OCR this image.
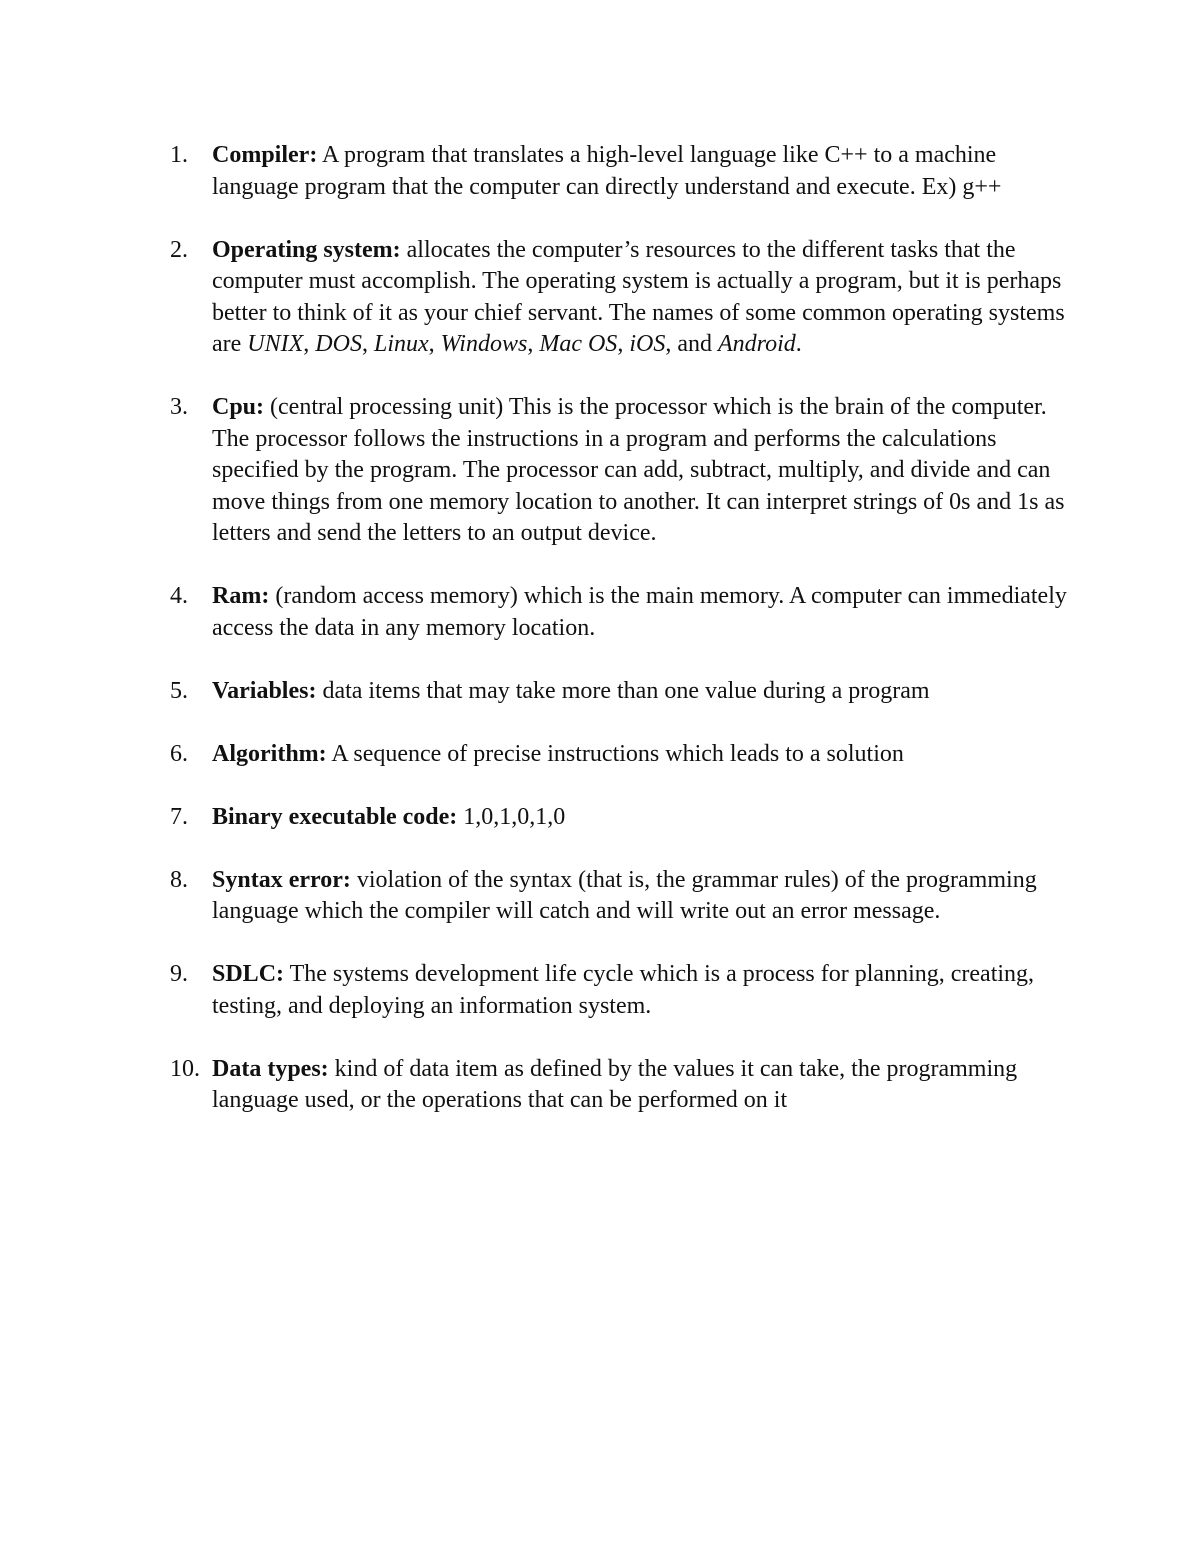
1.	Compiler: A program that translates a high-level language like C++ to a machine language program that the computer can directly understand and execute. Ex) g++
2.	Operating system: allocates the computer’s resources to the different tasks that the computer must accomplish. The operating system is actually a program, but it is perhaps better to think of it as your chief servant. The names of some common operating systems are UNIX, DOS, Linux, Windows, Mac OS, iOS, and Android.
3.	Cpu: (central processing unit) This is the processor which is the brain of the computer. The processor follows the instructions in a program and performs the calculations specified by the program. The processor can add, subtract, multiply, and divide and can move things from one memory location to another. It can interpret strings of 0s and 1s as letters and send the letters to an output device.
4.	Ram: (random access memory) which is the main memory. A computer can immediately access the data in any memory location.
5.	Variables: data items that may take more than one value during a program
6.	Algorithm: A sequence of precise instructions which leads to a solution
7.	Binary executable code: 1,0,1,0,1,0
8.	Syntax error: violation of the syntax (that is, the grammar rules) of the programming language which the compiler will catch and will write out an error message.
9.	SDLC: The systems development life cycle which is a process for planning, creating, testing, and deploying an information system.
10. Data types: kind of data item as defined by the values it can take, the programming language used, or the operations that can be performed on it
